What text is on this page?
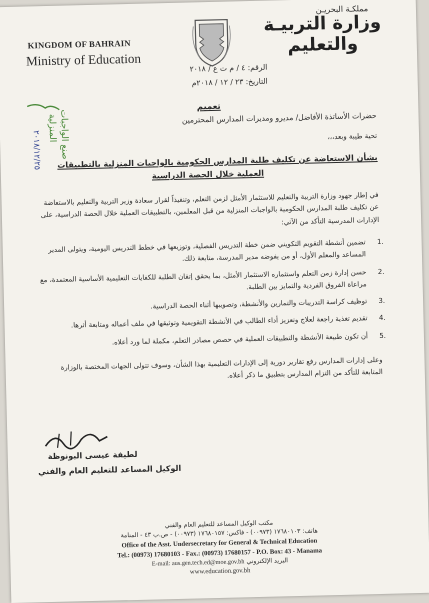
KINGDOM OF BAHRAIN
Ministry of Education
مملكـة البحريـن
وزارة التربيـة والتعليم
الرقم: ٤ / م ت ع / ٢٠١٨
التاريخ: ٢٣ / ١٢ / ٢٠١٨م
صنع الواجبات
المنزلية
٢٠١٨/١٢/٢٥
تعميم
حضرات الأساتذة الأفاضل/ مديرو ومديرات المدارس المحترمين
تحية طيبة وبعد،،،
بشأن الاستعاضة عن تكليف طلبة المدارس الحكومية بالواجبات المنزلية بالتطبيقات
العملية خلال الحصة الدراسية
في إطار جهود وزارة التربية والتعليم للاستثمار الأمثل لزمن التعلم، وتنفيذاً لقرار سعادة وزير التربية والتعليم بالاستعاضة عن تكليف طلبة المدارس الحكومية بالواجبات المنزلية من قبل المعلمين، بالتطبيقات العملية خلال الحصة الدراسية، على الإدارات المدرسية التأكد من الآتي:
.1
تضمين أنشطة التقويم التكويني ضمن خطة التدريس الفصلية، وتوزيعها في خطط التدريس اليومية، ويتولى المدير المساعد والمعلم الأول، أو من يفوضه مدير المدرسة، متابعة ذلك.
.2
حسن إدارة زمن التعلم واستثماره الاستثمار الأمثل، بما يحقق إتقان الطلبة للكفايات التعليمية الأساسية المعتمدة، مع مراعاة الفروق الفردية والتمايز بين الطلبة.
.3
توظيف كراسة التدريبات والتمارين والأنشطة، وتصويبها أثناء الحصة الدراسية.
.4
تقديم تغذية راجعة لعلاج وتعزيز أداء الطالب في الأنشطة التقويمية وتوثيقها في ملف أعماله ومتابعة أثرها.
.5
أن تكون طبيعة الأنشطة والتطبيقات العملية في حصص مصادر التعلم، مكملة لما ورد أعلاه.
وعلى إدارات المدارس رفع تقارير دورية إلى الإدارات التعليمية بهذا الشأن، وسوف تتولى الجهات المختصة بالوزارة المتابعة للتأكد من التزام المدارس بتطبيق ما ذكر أعلاه.
لطيفة عيسى البونوظة
الوكيل المساعد للتعليم العام والفني
مكتب الوكيل المساعد للتعليم العام والفني
هاتف: ١٧٦٨٠١٠٣ (٠٠٩٧٣) - فاكس: ١٧٦٨٠١٥٧ (٠٠٩٧٣) - ص.ب ٤٣ - المنامة
Office of the Asst. Undersecretary for General & Technical Education
Tel.: (00973) 17680103 - Fax.: (00973) 17680157 - P.O. Box: 43 - Manama
E-mail: aus.gen.tech.ed@moe.gov.bh البريد الإلكتروني
www.education.gov.bh
